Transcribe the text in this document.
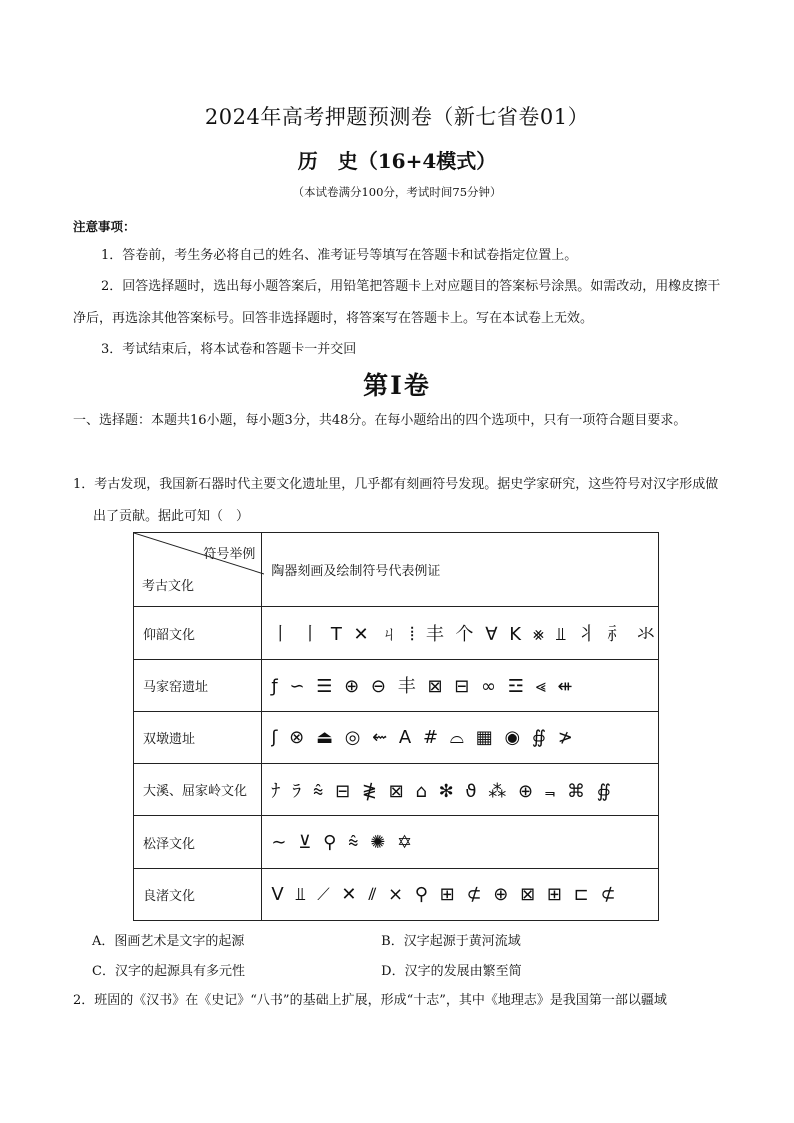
2024年高考押题预测卷（新七省卷01）
历　史（16+4模式）
（本试卷满分100分，考试时间75分钟）
注意事项：
1．答卷前，考生务必将自己的姓名、准考证号等填写在答题卡和试卷指定位置上。
2．回答选择题时，选出每小题答案后，用铅笔把答题卡上对应题目的答案标号涂黑。如需改动，用橡皮擦干净后，再选涂其他答案标号。回答非选择题时，将答案写在答题卡上。写在本试卷上无效。
3．考试结束后，将本试卷和答题卡一并交回
第Ⅰ卷
一、选择题：本题共16小题，每小题3分，共48分。在每小题给出的四个选项中，只有一项符合题目要求。
1．考古发现，我国新石器时代主要文化遗址里，几乎都有刻画符号发现。据史学家研究，这些符号对汉字形成做出了贡献。据此可知（　）
符号举例
考古文化	陶器刻画及绘制符号代表例证
仰韶文化	丨 丨 T ✕ ㄐ ⦙ 丰 个 ∀ K ⨳ ⫫ ⺦ ⺬ 氺
马家窑遗址	ƒ ∽ ☰ ⊕ ⊖ 丰 ⊠ ⊟ ∞ ☲ ⪡ ⇺
双墩遗址	ʃ ⊗ ⏏ ◎ ⇜ A # ⌓ ▦ ◉ ∯ ≯
大溪、屈家岭文化	ﾅ ﾗ ⩯ ⊟ ≹ ⊠ ⌂ ✻ ϑ ⁂ ⊕ ⫬ ⌘ ∯
松泽文化	∼ ⊻ ⚲ ⩯ ✺ ✡
良渚文化	V ⫫ ⟋ ✕ ⫽ ⨯ ⚲ ⊞ ⊄ ⊕ ⊠ ⊞ ⊏ ⊄
A．图画艺术是文字的起源	B．汉字起源于黄河流域
C．汉字的起源具有多元性	D．汉字的发展由繁至简
2．班固的《汉书》在《史记》“八书”的基础上扩展，形成“十志”，其中《地理志》是我国第一部以疆域
